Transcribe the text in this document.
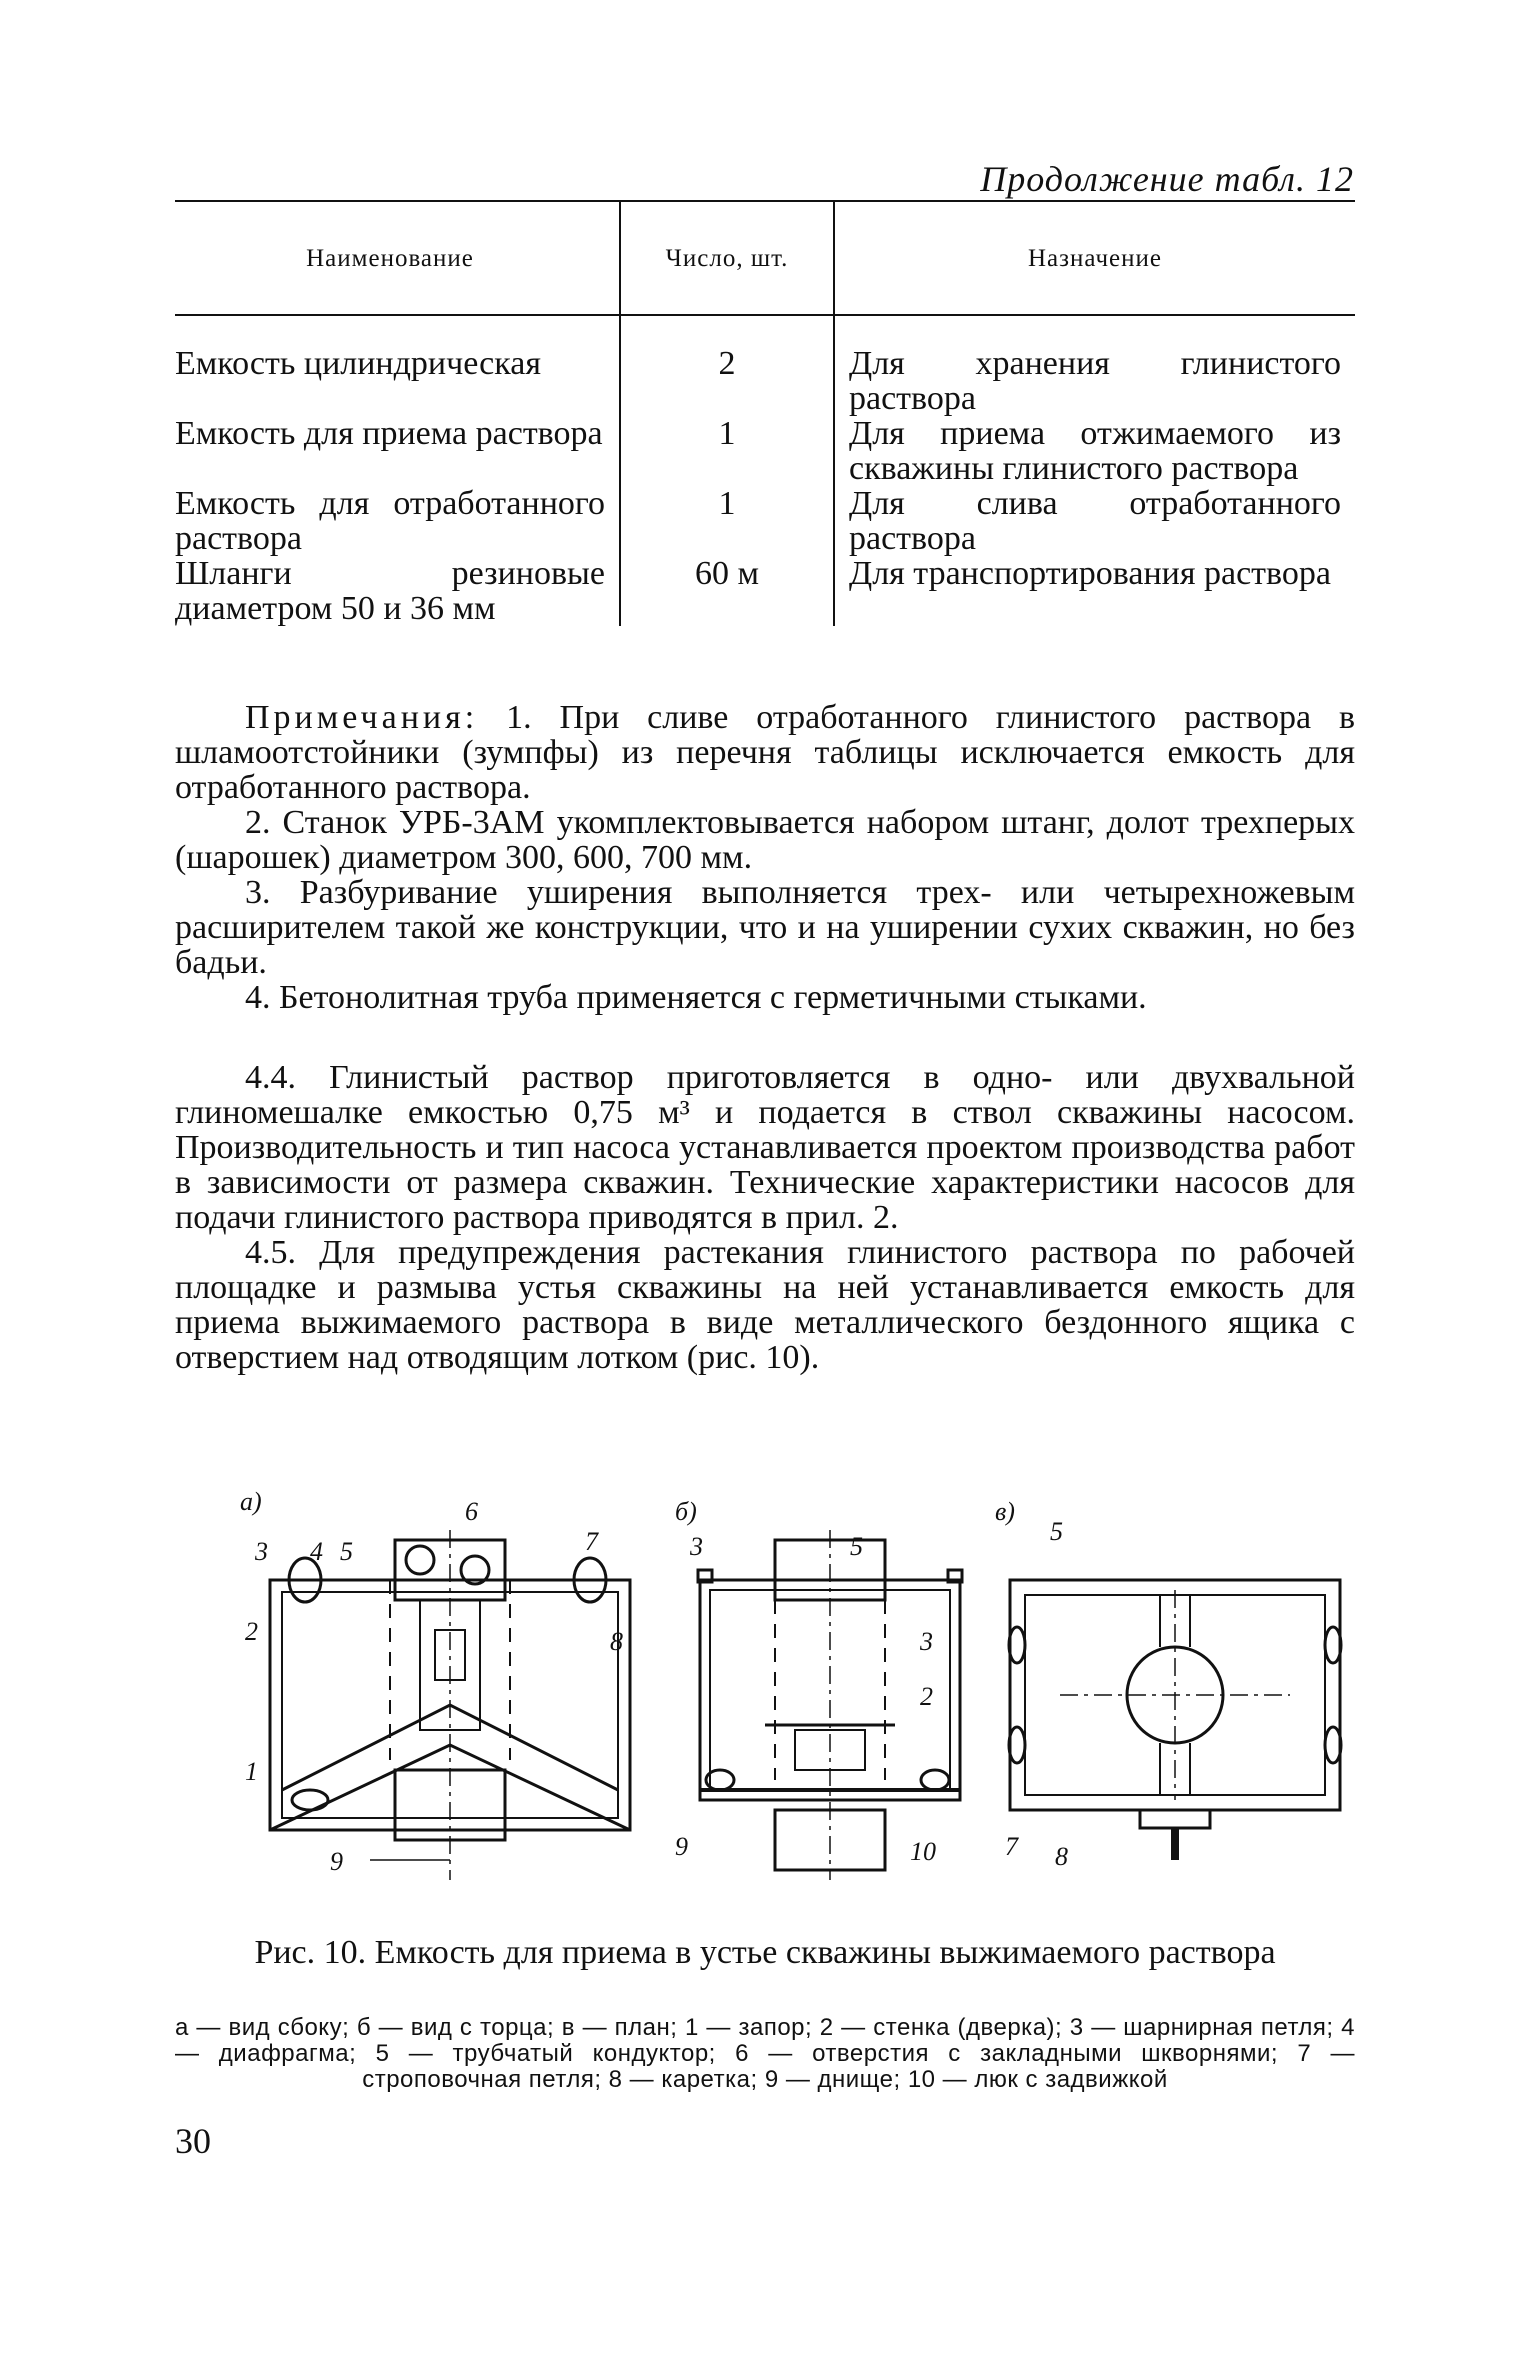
Продолжение табл. 12
Наименование	Число, шт.	Назначение
Емкость цилиндрическая	2	Для хранения глинистого раствора
Емкость для приема раствора	1	Для приема отжимаемого из скважины глинистого раствора
Емкость для отработанного раствора	1	Для слива отработанного раствора
Шланги резиновые диаметром 50 и 36 мм	60 м	Для транспортирования раствора

Примечания: 1. При сливе отработанного глинистого раствора в шламоотстойники (зумпфы) из перечня таблицы исключается емкость для отработанного раствора.

2. Станок УРБ-3АМ укомплектовывается набором штанг, долот трехперых (шарошек) диаметром 300, 600, 700 мм.

3. Разбуривание уширения выполняется трех- или четырехножевым расширителем такой же конструкции, что и на уширении сухих скважин, но без бадьи.

4. Бетонолитная труба применяется с герметичными стыками.

4.4. Глинистый раствор приготовляется в одно- или двухвальной глиномешалке емкостью 0,75 м³ и подается в ствол скважины насосом. Производительность и тип насоса устанавливается проектом производства работ в зависимости от размера скважин. Технические характеристики насосов для подачи глинистого раствора приводятся в прил. 2.

4.5. Для предупреждения растекания глинистого раствора по рабочей площадке и размыва устья скважины на ней устанавливается емкость для приема выжимаемого раствора в виде металлического бездонного ящика с отверстием над отводящим лотком (рис. 10).

а)	б)	в)
3 4 5
6
7
2	8
1
9
3	5
9	10
5
3
2
7 8
Рис. 10. Емкость для приема в устье скважины выжимаемого раствора
а — вид сбоку; б — вид с торца; в — план; 1 — запор; 2 — стенка (дверка); 3 — шарнирная петля; 4 — диафрагма; 5 — трубчатый кондуктор; 6 — отверстия с закладными шкворнями; 7 — строповочная петля; 8 — каретка; 9 — днище; 10 — люк с задвижкой
30
